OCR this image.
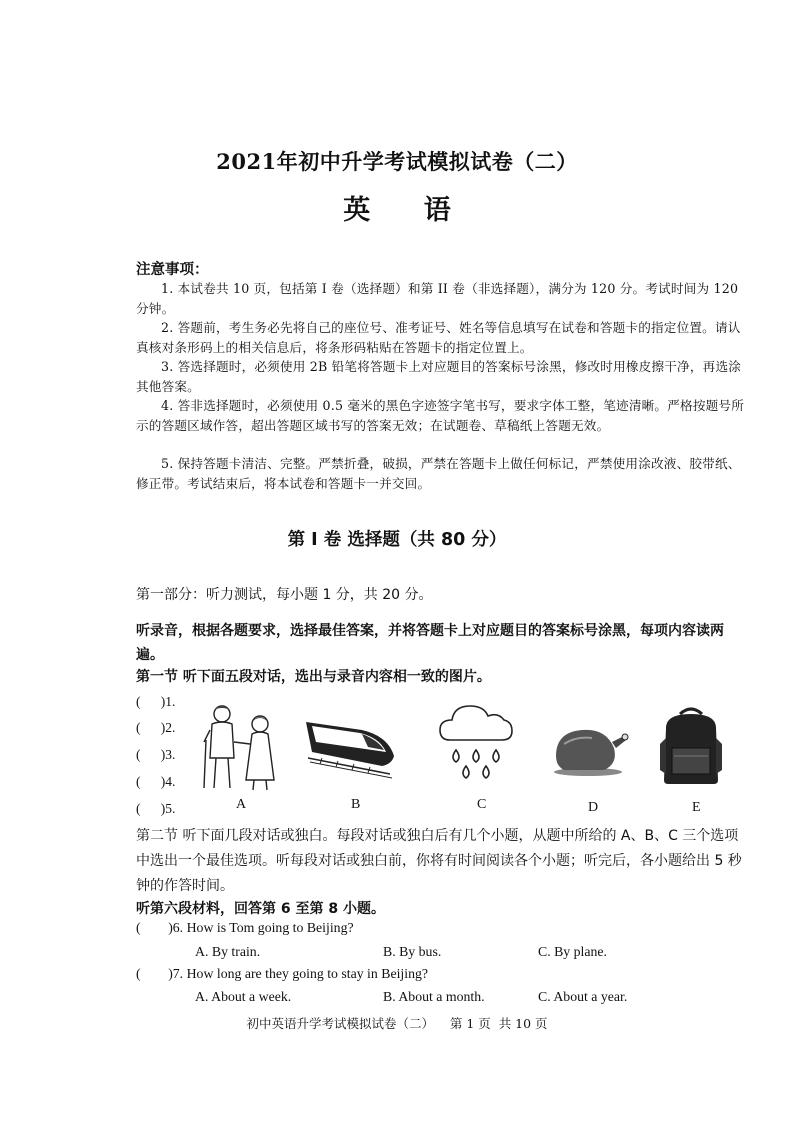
2021年初中升学考试模拟试卷（二）
英 语
注意事项：
1. 本试卷共 10 页，包括第 I 卷（选择题）和第 II 卷（非选择题），满分为 120 分。考试时间为 120 分钟。
2. 答题前，考生务必先将自己的座位号、准考证号、姓名等信息填写在试卷和答题卡的指定位置。请认真核对条形码上的相关信息后，将条形码粘贴在答题卡的指定位置上。
3. 答选择题时，必须使用 2B 铅笔将答题卡上对应题目的答案标号涂黑，修改时用橡皮擦干净，再选涂其他答案。
4. 答非选择题时，必须使用 0.5 毫米的黑色字迹签字笔书写，要求字体工整，笔迹清晰。严格按题号所示的答题区域作答，超出答题区域书写的答案无效；在试题卷、草稿纸上答题无效。
5. 保持答题卡清洁、完整。严禁折叠，破损，严禁在答题卡上做任何标记，严禁使用涂改液、胶带纸、修正带。考试结束后，将本试卷和答题卡一并交回。
第 I 卷 选择题（共 80 分）
第一部分：听力测试，每小题 1 分，共 20 分。
听录音，根据各题要求，选择最佳答案，并将答题卡上对应题目的答案标号涂黑，每项内容读两遍。
第一节 听下面五段对话，选出与录音内容相一致的图片。
(      )1.
(      )2.
(      )3.
(      )4.
(      )5.	A	B	C	D	E
第二节 听下面几段对话或独白。每段对话或独白后有几个小题，从题中所给的 A、B、C 三个选项中选出一个最佳选项。听每段对话或独白前，你将有时间阅读各个小题；听完后，各小题给出 5 秒钟的作答时间。
听第六段材料，回答第 6 至第 8 小题。
(        )6. How is Tom going to Beijing?
A. By train.	B. By bus.	C. By plane.
(        )7. How long are they going to stay in Beijing?
A. About a week.	B. About a month.	C. About a year.
初中英语升学考试模拟试卷（二）    第 1 页  共 10 页
